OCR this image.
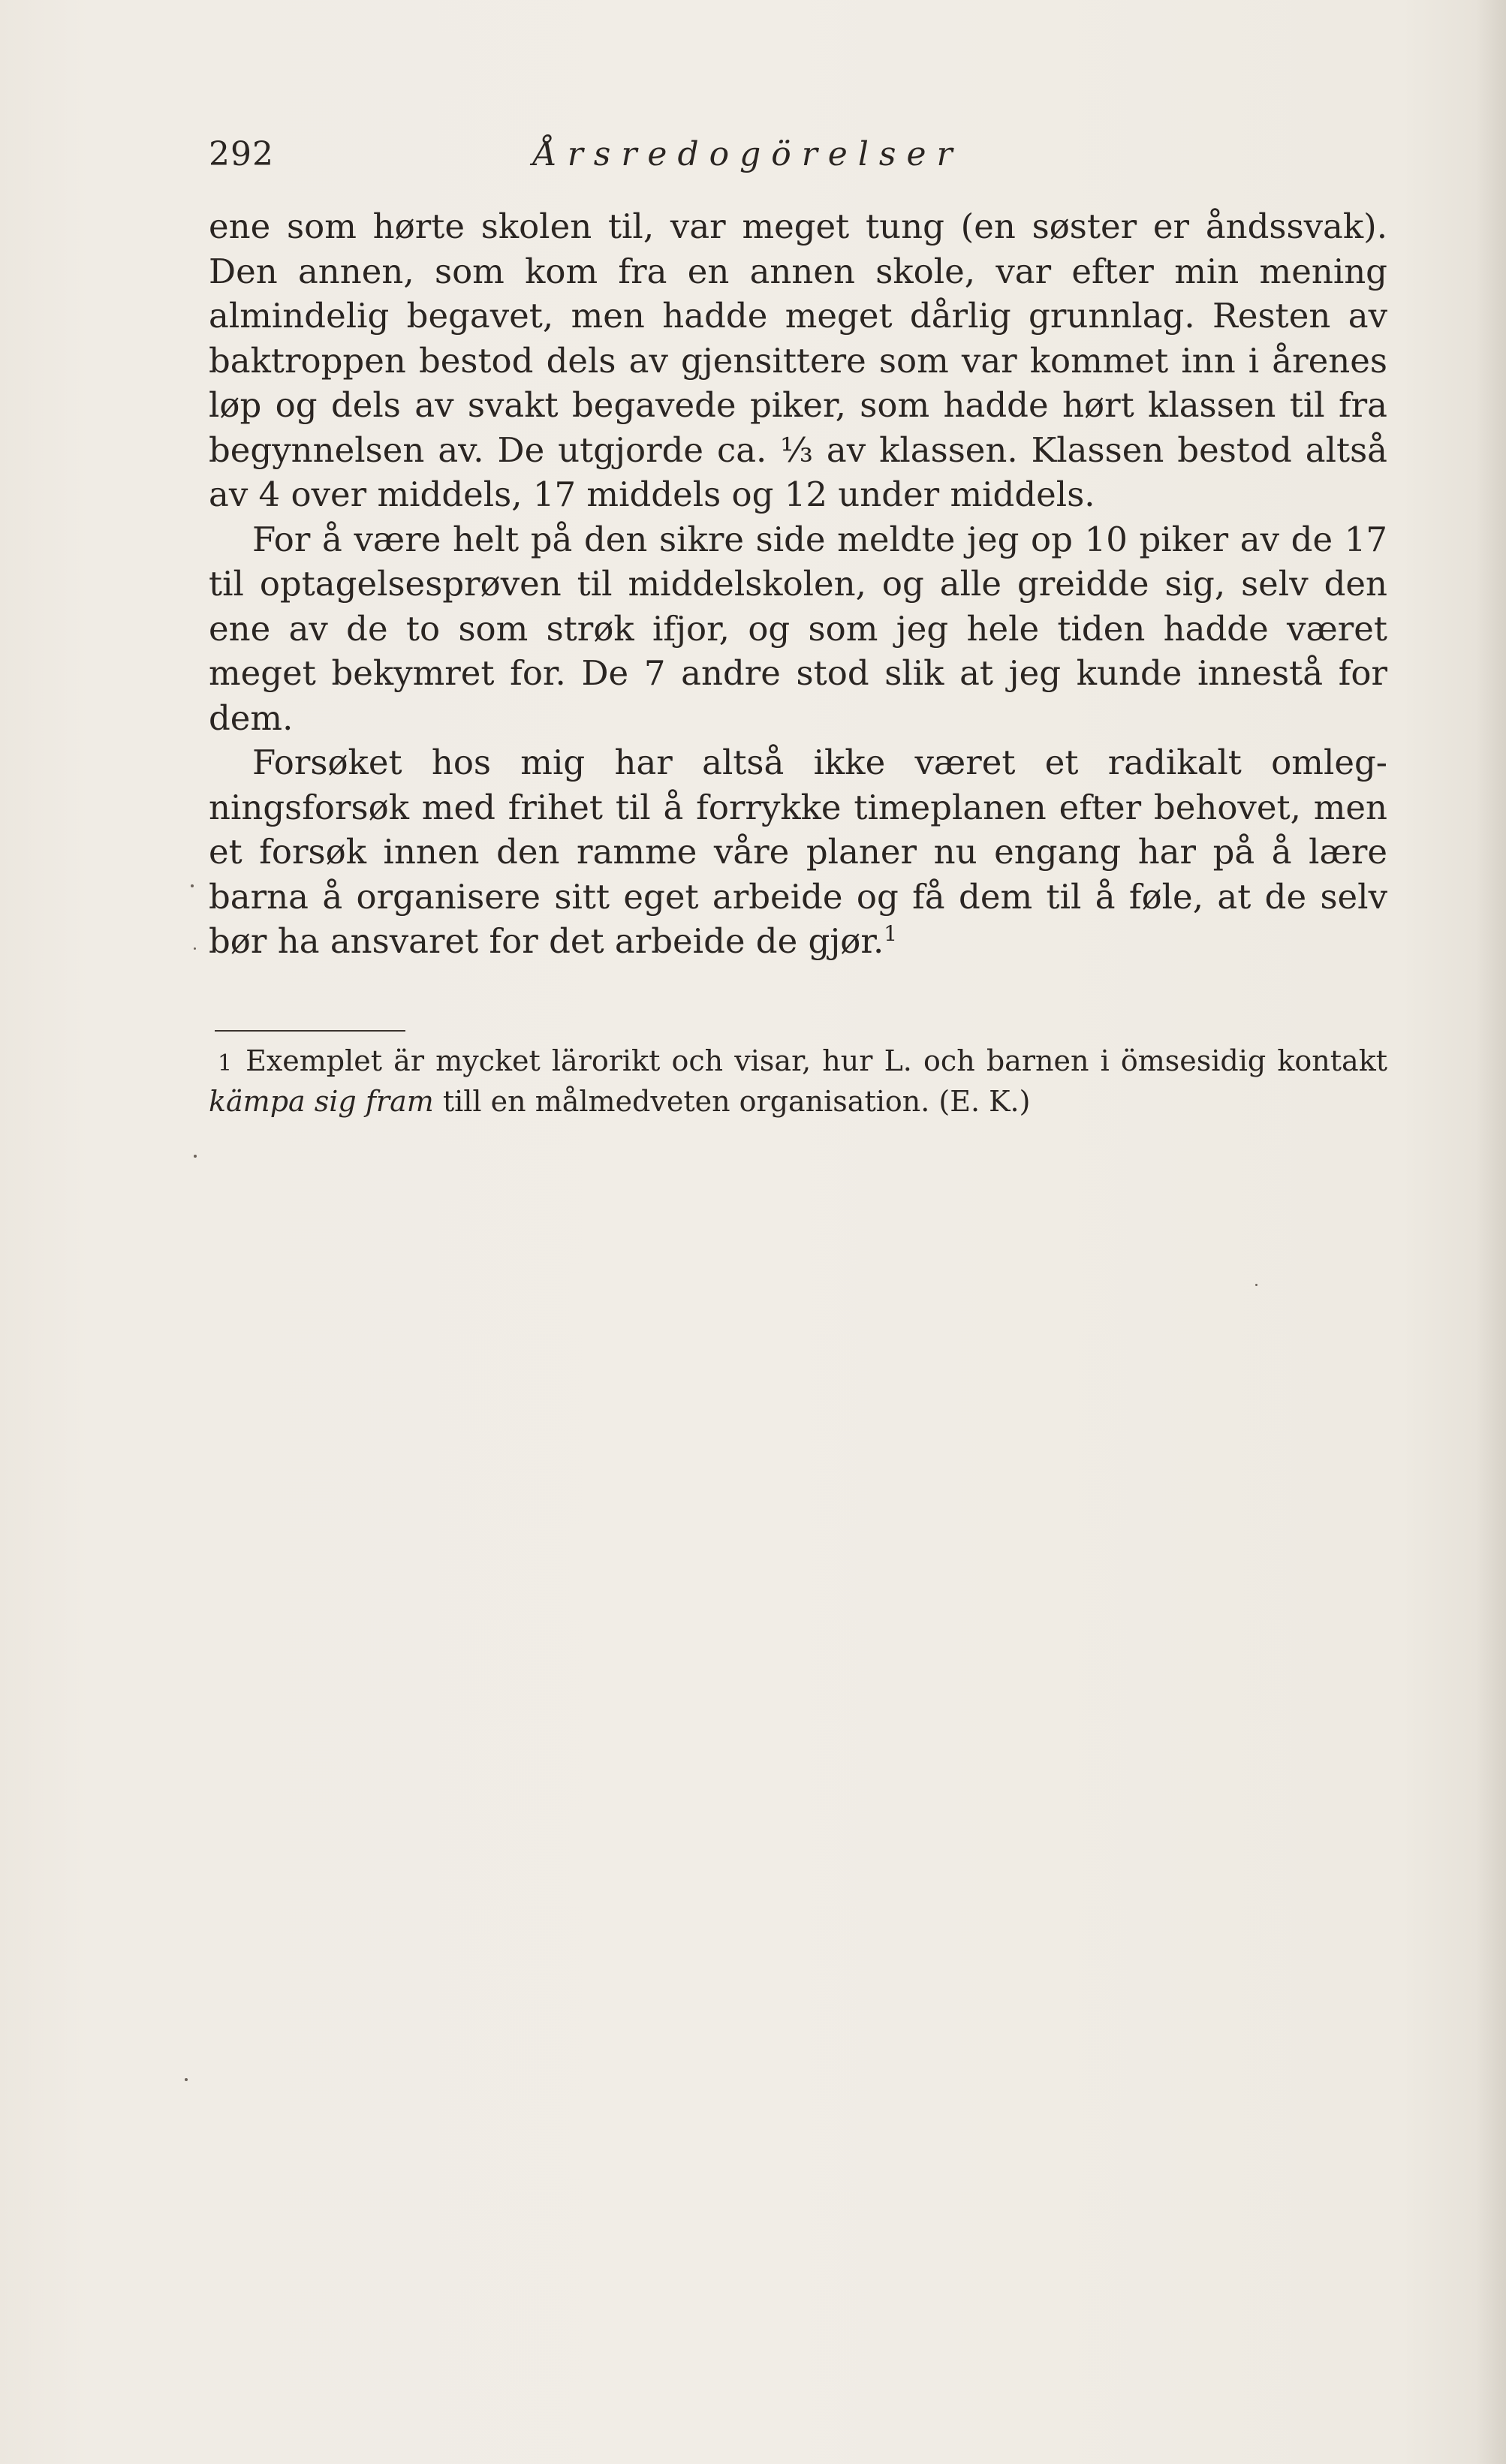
292	Årsredogörelser

ene som hørte skolen til, var meget tung (en søster er åndssvak). Den annen, som kom fra en annen skole, var efter min mening almindelig begavet, men hadde meget dårlig grunnlag. Resten av baktroppen bestod dels av gjensittere som var kommet inn i årenes løp og dels av svakt begavede piker, som hadde hørt klassen til fra begynnelsen av. De utgjorde ca. ⅓ av klassen. Klassen bestod altså av 4 over middels, 17 middels og 12 under middels.

For å være helt på den sikre side meldte jeg op 10 piker av de 17 til optagelsesprøven til middelskolen, og alle greidde sig, selv den ene av de to som strøk ifjor, og som jeg hele tiden hadde været meget bekymret for. De 7 andre stod slik at jeg kunde innestå for dem.

Forsøket hos mig har altså ikke været et radikalt omlegningsforsøk med frihet til å forrykke timeplanen efter behovet, men et forsøk innen den ramme våre planer nu engang har på å lære barna å organisere sitt eget arbeide og få dem til å føle, at de selv bør ha ansvaret for det arbeide de gjør.$^1$

1 Exemplet är mycket lärorikt och visar, hur L. och barnen i ömsesidig kontakt kämpa sig fram till en målmedveten organisation. (E. K.)
